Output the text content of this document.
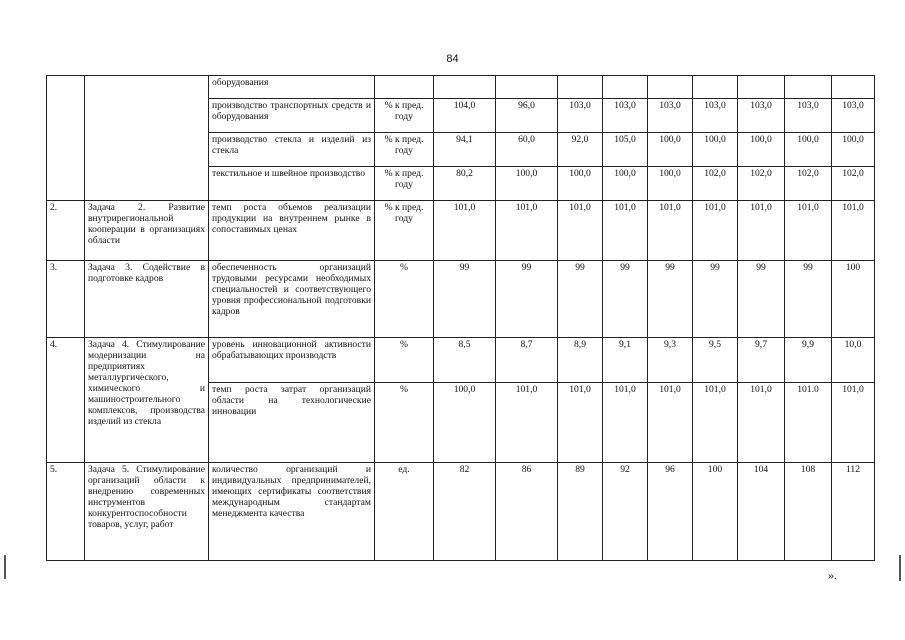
84
		оборудования										
		производство транспортных средств и оборудования	% к пред. году	104,0	96,0	103,0	103,0	103,0	103,0	103,0	103,0	103,0
		производство стекла и изделий из стекла	% к пред. году	94,1	60,0	92,0	105,0	100,0	100,0	100,0	100,0	100,0
		текстильное и швейное производство	% к пред. году	80,2	100,0	100,0	100,0	100,0	102,0	102,0	102,0	102,0
2.	Задача 2. Развитие внутрирегиональной кооперации в организациях области	темп роста объемов реализации продукции на внутреннем рынке в сопоставимых ценах	% к пред. году	101,0	101,0	101,0	101,0	101,0	101,0	101,0	101,0	101,0
3.	Задача 3. Содействие в подготовке кадров	обеспеченность организаций трудовыми ресурсами необходимых специальностей и соответствующего уровня профессиональной подготовки кадров	%	99	99	99	99	99	99	99	99	100
4.	Задача 4. Стимулирование модернизации на предприятиях металлургического, химического и машиностроительного комплексов, производства изделий из стекла	уровень инновационной активности обрабатывающих производств	%	8,5	8,7	8,9	9,1	9,3	9,5	9,7	9,9	10,0
		темп роста затрат организаций области на технологические инновации	%	100,0	101,0	101,0	101,0	101,0	101,0	101,0	101.0	101,0
5.	Задача 5. Стимулирование организаций области к внедрению современных инструментов конкурентоспособности товаров, услуг, работ	количество организаций и индивидуальных предпринимателей, имеющих сертификаты соответствия международным стандартам менеджмента качества	ед.	82	86	89	92	96	100	104	108	112
».
